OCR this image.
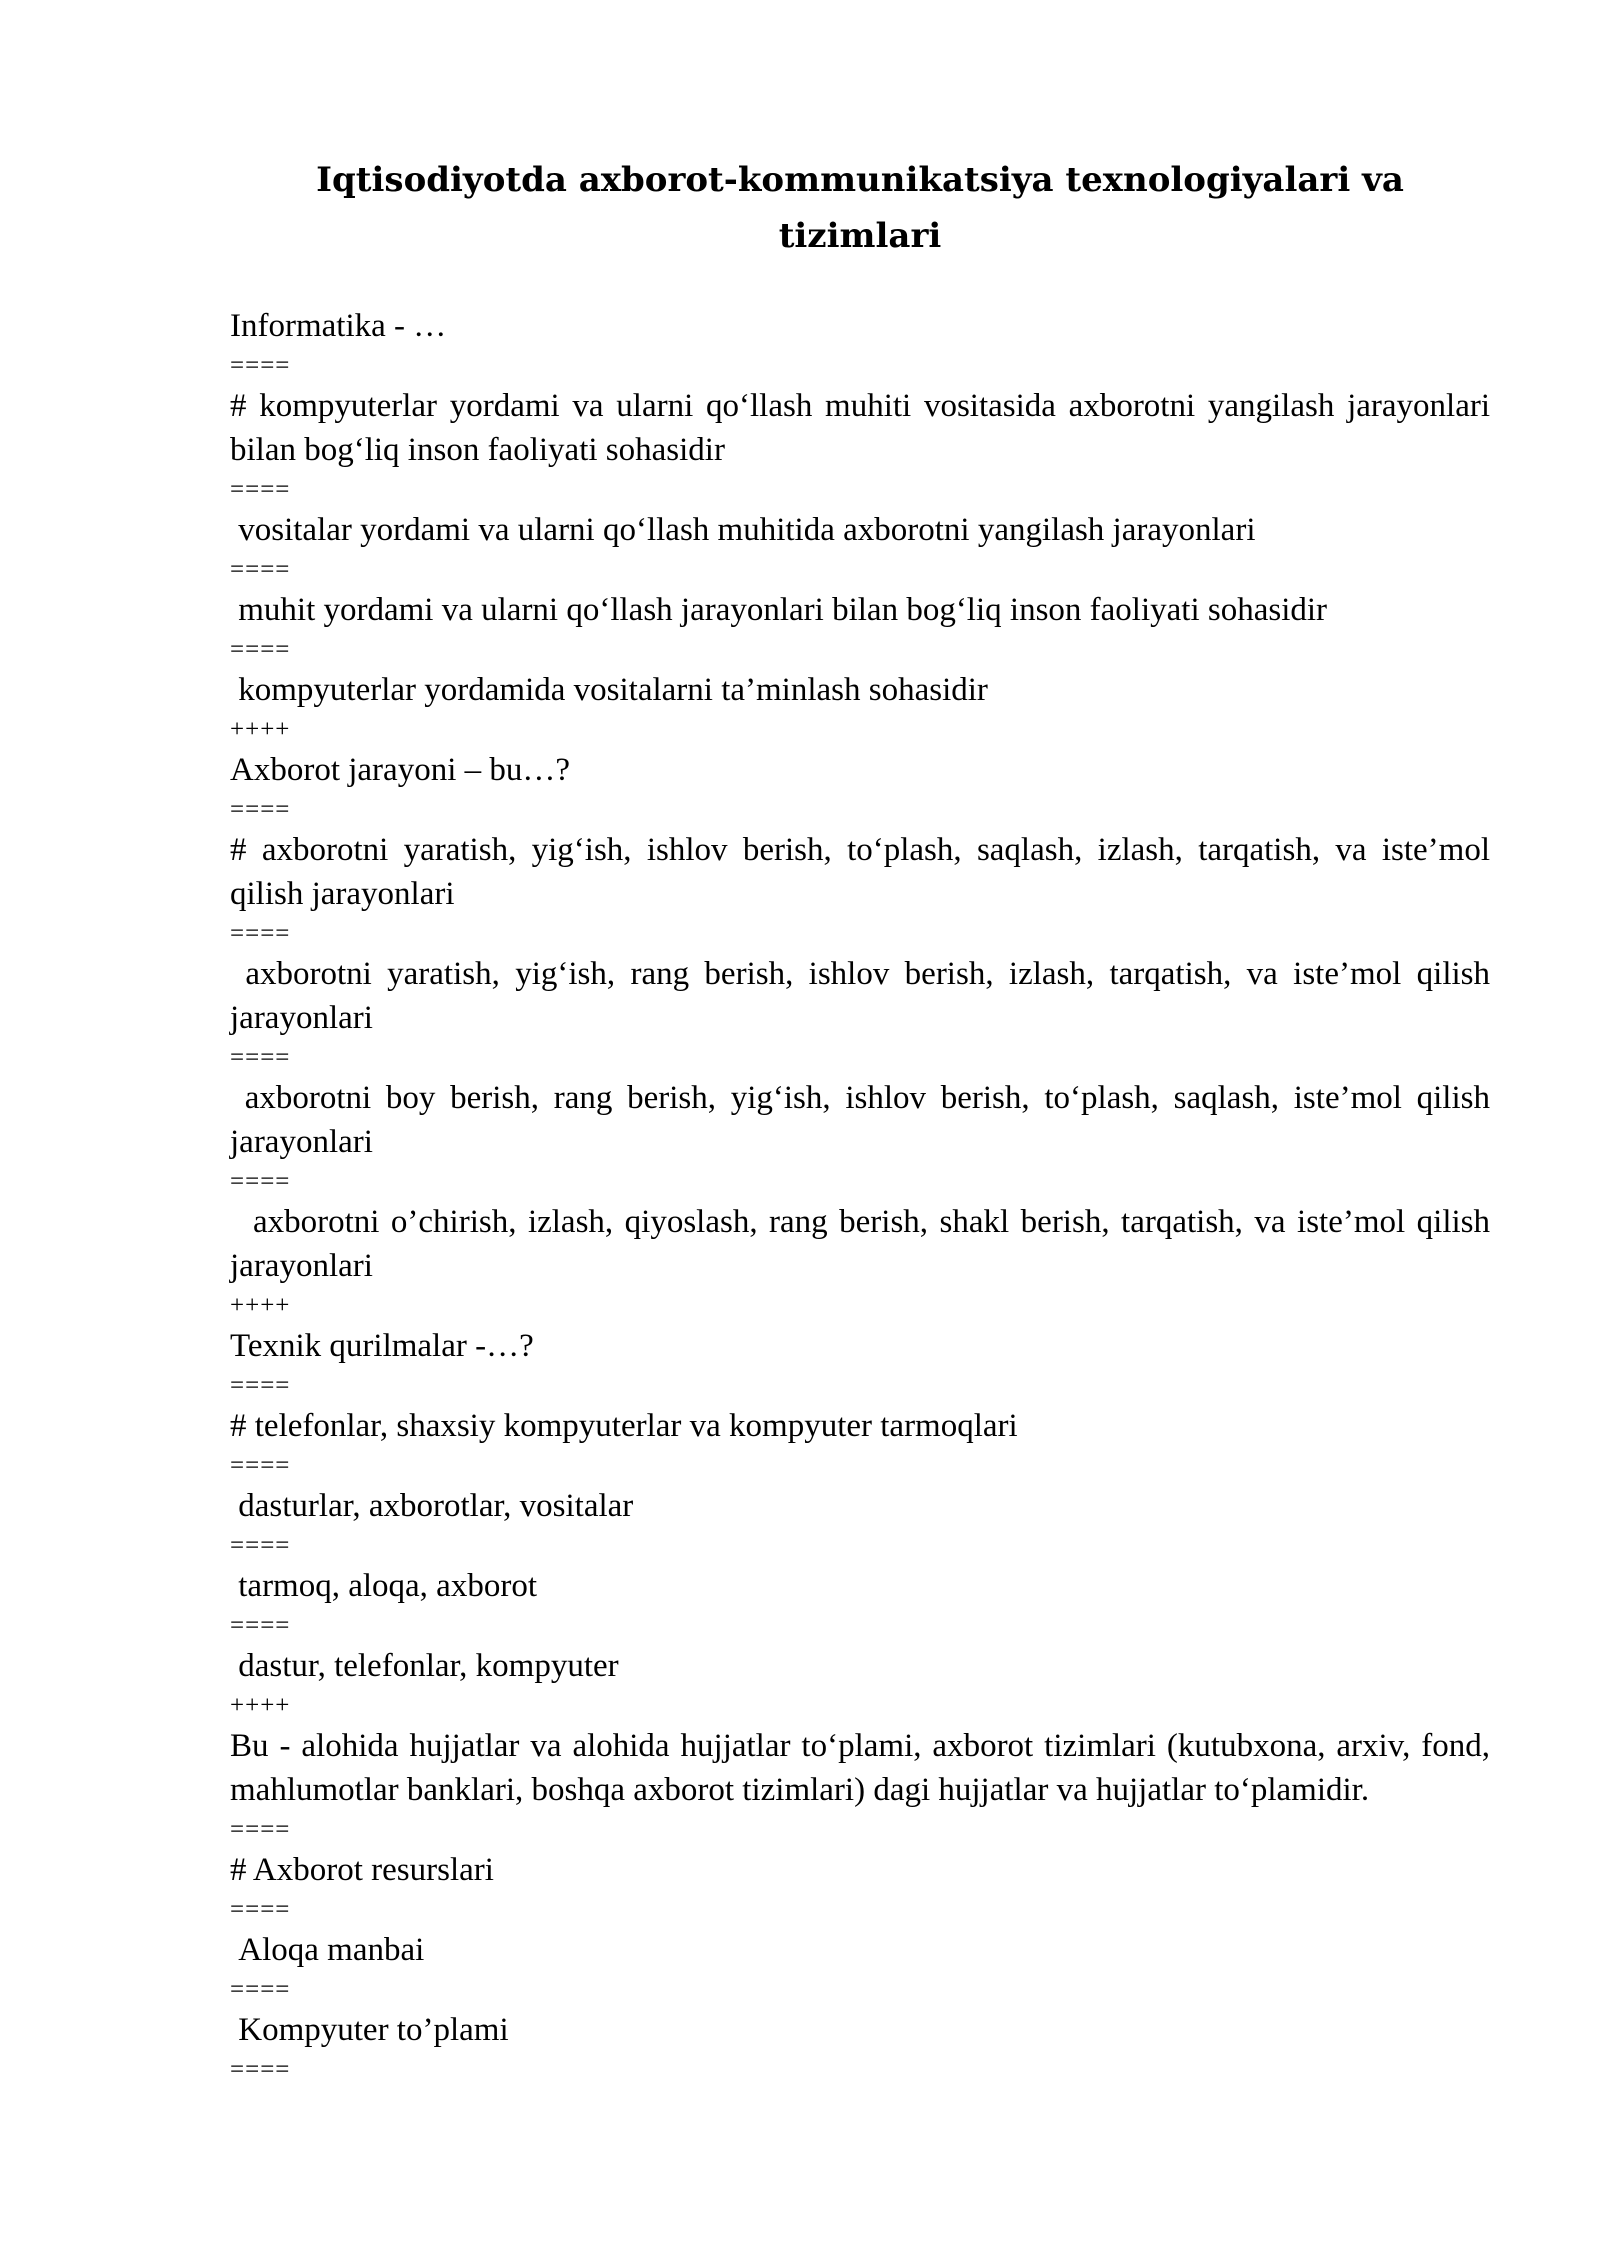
Iqtisodiyotda axborot-kommunikatsiya texnologiyalari va tizimlari
Informatika - …
====
# kompyuterlar yordami va ularni qo‘llash muhiti vositasida axborotni yangilash jarayonlari bilan bog‘liq inson faoliyati sohasidir
====
vositalar yordami va ularni qo‘llash muhitida axborotni yangilash jarayonlari
====
muhit yordami va ularni qo‘llash jarayonlari bilan bog‘liq inson faoliyati sohasidir
====
kompyuterlar yordamida vositalarni ta’minlash sohasidir
++++
Axborot jarayoni – bu…?
====
# axborotni yaratish, yig‘ish, ishlov berish, to‘plash, saqlash, izlash, tarqatish, va iste’mol qilish jarayonlari
====
axborotni yaratish, yig‘ish, rang berish, ishlov berish, izlash, tarqatish, va iste’mol qilish jarayonlari
====
axborotni boy berish, rang berish, yig‘ish, ishlov berish, to‘plash, saqlash, iste’mol qilish jarayonlari
====
axborotni o’chirish, izlash, qiyoslash, rang berish, shakl berish, tarqatish, va iste’mol qilish jarayonlari
++++
Texnik qurilmalar -…?
====
# telefonlar, shaxsiy kompyuterlar va kompyuter tarmoqlari
====
dasturlar, axborotlar, vositalar
====
tarmoq, aloqa, axborot
====
dastur, telefonlar, kompyuter
++++
Bu - alohida hujjatlar va alohida hujjatlar to‘plami, axborot tizimlari (kutubxona, arxiv, fond, mahlumotlar banklari, boshqa axborot tizimlari) dagi hujjatlar va hujjatlar to‘plamidir.
====
# Axborot resurslari
====
Aloqa manbai
====
Kompyuter to’plami
====
